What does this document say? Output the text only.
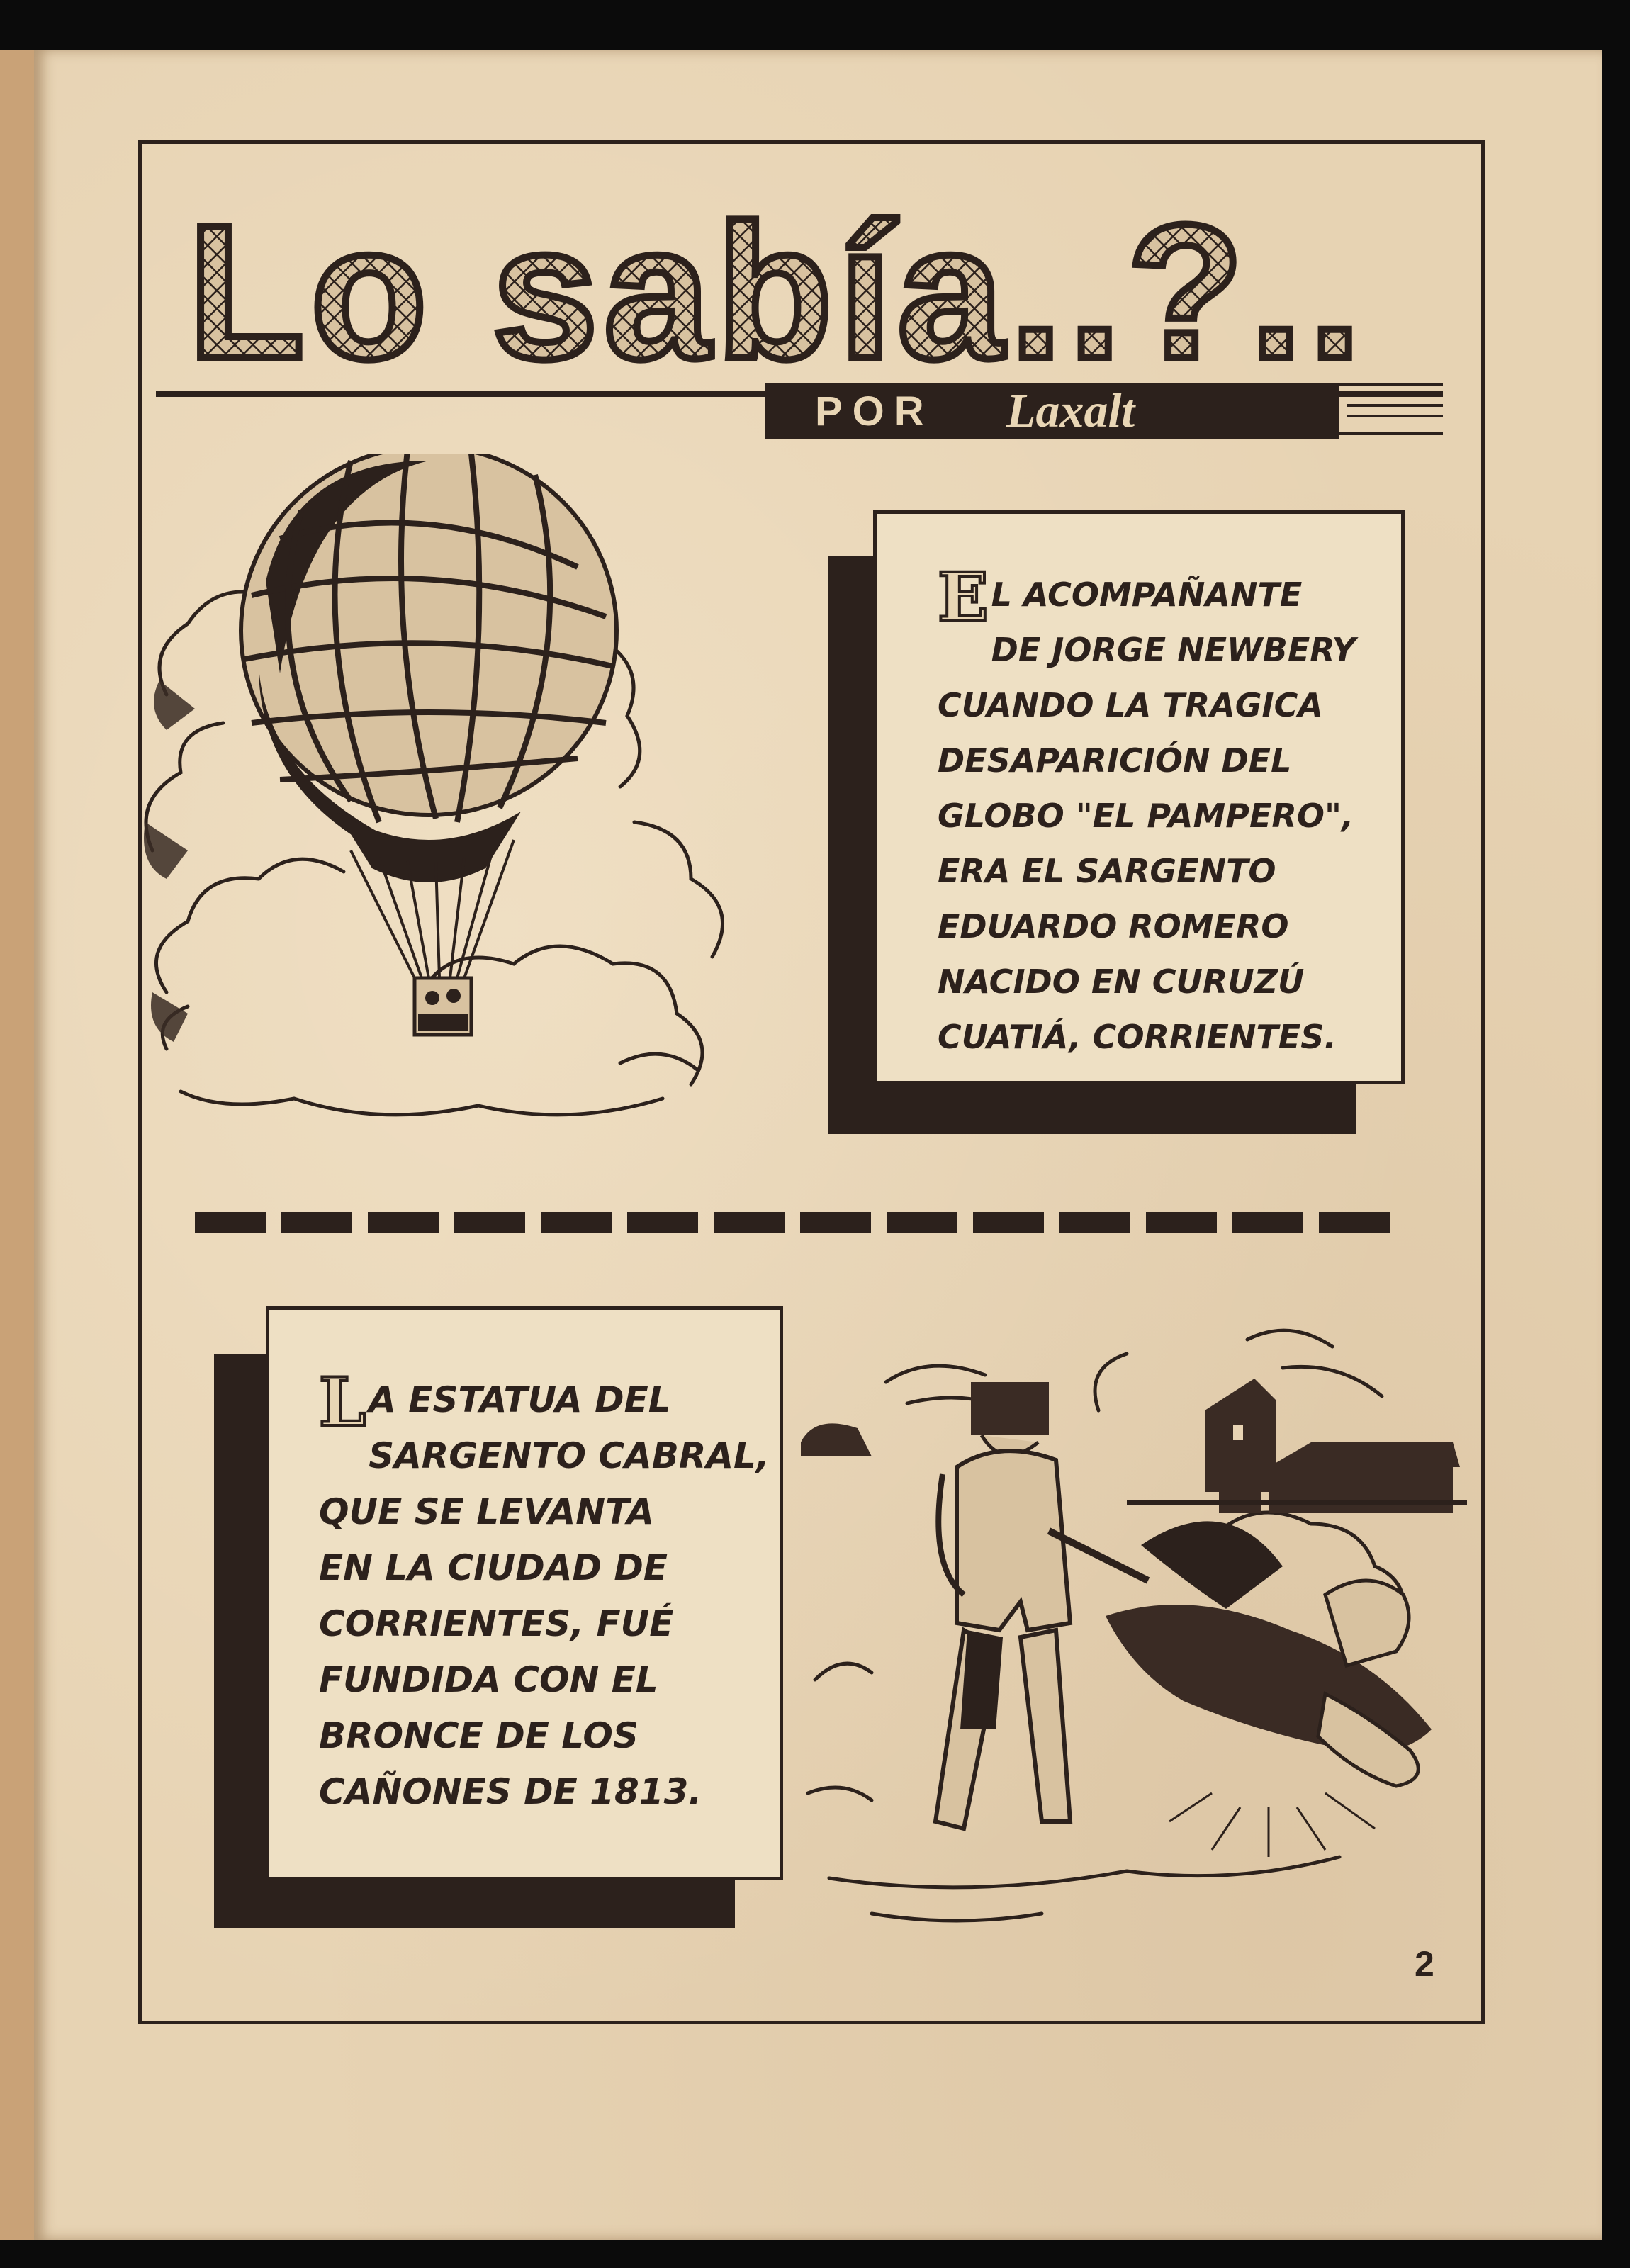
Lo sabía..?..
POR Laxalt
E L ACOMPAÑANTE
DE JORGE NEWBERY
CUANDO LA TRAGICA
DESAPARICIÓN DEL
GLOBO "EL PAMPERO",
ERA EL SARGENTO
EDUARDO ROMERO
NACIDO EN CURUZÚ
CUATIÁ, CORRIENTES.
L A ESTATUA DEL
SARGENTO CABRAL,
QUE SE LEVANTA
EN LA CIUDAD DE
CORRIENTES, FUÉ
FUNDIDA CON EL
BRONCE DE LOS
CAÑONES DE 1813.
2
